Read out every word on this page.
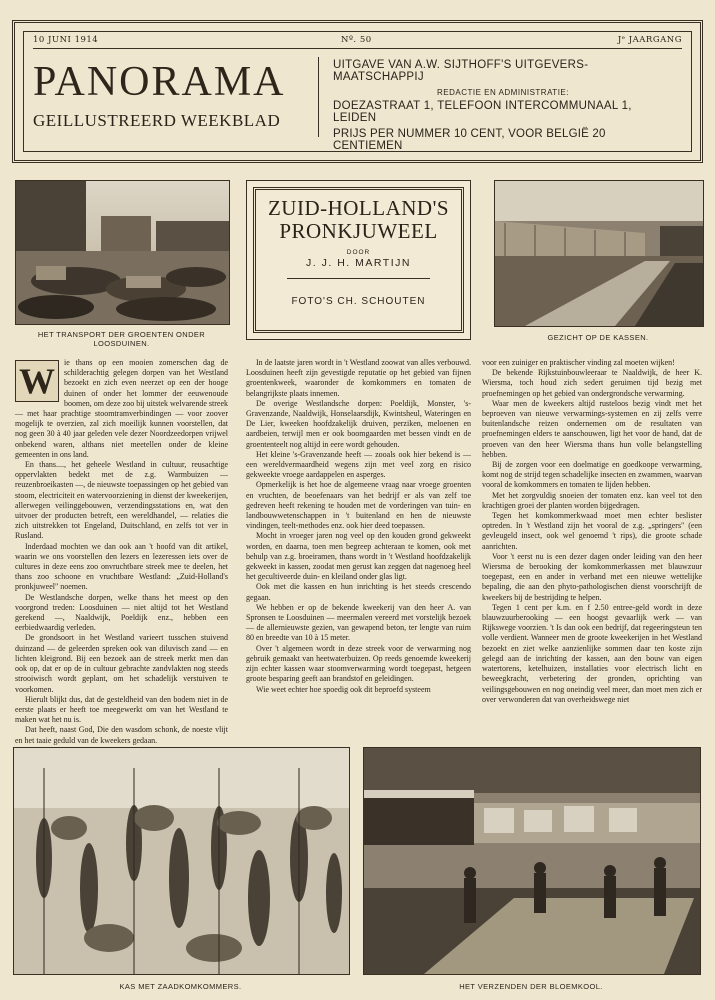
10 JUNI 1914	Nº. 50	Jᵉ JAARGANG
PANORAMA
GEILLUSTREERD WEEKBLAD
UITGAVE VAN A.W. SIJTHOFF'S UITGEVERS-MAATSCHAPPIJ
REDACTIE EN ADMINISTRATIE:
DOEZASTRAAT 1, TELEFOON INTERCOMMUNAAL 1, LEIDEN
PRIJS PER NUMMER 10 CENT, VOOR BELGIË 20 CENTIEMEN
HET TRANSPORT DER GROENTEN ONDER
LOOSDUINEN.
ZUID-HOLLAND'S
PRONKJUWEEL
DOOR
J. J. H. MARTIJN
FOTO'S CH. SCHOUTEN
GEZICHT OP DE KASSEN.
W	ie thans op een mooien zomerschen dag de schilderachtig gelegen dorpen van het Westland bezoekt en zich even neerzet op een der hooge duinen of onder het lommer der eeuwenoude boomen, om deze zoo bij uitstek welvarende streek — met haar prachtige stoomtramverbindingen — voor zoover mogelijk te overzien, zal zich moeilijk kunnen voorstellen, dat nog geen 30 à 40 jaar geleden vele dezer Noordzeedorpen vrijwel onbekend waren, althans niet meetellen onder de kleine gemeenten in ons land.

En thans...., het geheele Westland in cultuur, reusachtige oppervlakten bedekt met de z.g. Warmbuizen — reuzenbroeikasten —, de nieuwste toepassingen op het gebied van stoom, electriciteit en watervoorziening in dienst der kweekerijen, allerwegen veilinggebouwen, verzendingsstations en, wat den uitvoer der producten betreft, een wereldhandel, — relaties die zich uitstrekken tot Engeland, Duitschland, en zelfs tot ver in Rusland.

Inderdaad mochten we dan ook aan 't hoofd van dit artikel, waarin we ons voorstellen den lezers en lezeressen iets over de cultures in deze eens zoo onvruchtbare streek mee te deelen, het thans zoo schoone en vruchtbare Westland: „Zuid-Holland's pronkjuweel" noemen.

De Westlandsche dorpen, welke thans het meest op den voorgrond treden: Loosduinen — niet altijd tot het Westland gerekend —, Naaldwijk, Poeldijk enz., hebben een eerbiedwaardig verleden.

De grondsoort in het Westland varieert tusschen stuivend duinzand — de geleerden spreken ook van diluvisch zand — en lichten kleigrond. Bij een bezoek aan de streek merkt men dan ook op, dat er op de in cultuur gebrachte zandvlakten nog steeds strooiwisch wordt geplant, om het schadelijk verstuiven te voorkomen.

Hierult blijkt dus, dat de gesteldheid van den bodem niet in de eerste plaats er heeft toe meegewerkt om van het Westland te maken wat het nu is.

Dat heeft, naast God, Die den wasdom schonk, de noeste vlijt en het taaie geduld van de kweekers gedaan.

In de laatste jaren wordt in 't Westland zoowat van alles verbouwd. Loosduinen heeft zijn gevestigde reputatie op het gebied van fijnen groentenkweek, waaronder de komkommers en tomaten de belangrijkste plaats innemen.

De overige Westlandsche dorpen: Poeldijk, Monster, 's-Gravenzande, Naaldwijk, Honselaarsdijk, Kwintsheul, Wateringen en De Lier, kweeken hoofdzakelijk druiven, perziken, meloenen en aardbeien, terwijl men er ook boomgaarden met bessen vindt en de groententeelt nog altijd in eere wordt gehouden.

Het kleine 's-Gravenzande heeft — zooals ook hier bekend is — een wereldvermaardheid wegens zijn met veel zorg en risico gekweekte vroege aardappelen en asperges.

Opmerkelijk is het hoe de algemeene vraag naar vroege groenten en vruchten, de beoefenaars van het bedrijf er als van zelf toe gedreven heeft rekening te houden met de vorderingen van tuin- en landbouwwetenschappen in 't buitenland en hen de nieuwste vindingen, teelt-methodes enz. ook hier deed toepassen.

Mocht in vroeger jaren nog veel op den kouden grond gekweekt worden, en daarna, toen men begreep achteraan te komen, ook met behulp van z.g. broeiramen, thans wordt in 't Westland hoofdzakelijk gekweekt in kassen, zoodat men gerust kan zeggen dat nagenoeg heel het gecultiveerde duin- en kleiland onder glas ligt.

Ook met die kassen en hun inrichting is het steeds crescendo gegaan.

We hebben er op de bekende kweekerij van den heer A. van Spronsen te Loosduinen — meermalen vereerd met vorstelijk bezoek — de allernieuwste gezien, van gewapend beton, ter lengte van ruim 80 en breedte van 10 à 15 meter.

Over 't algemeen wordt in deze streek voor de verwarming nog gebruik gemaakt van heetwaterbuizen. Op reeds genoemde kweekerij zijn echter kassen waar stoomverwarming wordt toegepast, hetgeen groote besparing geeft aan brandstof en geleidingen.

Wie weet echter hoe spoedig ook dit beproefd systeem

voor een zuiniger en praktischer vinding zal moeten wijken!

De bekende Rijkstuinbouwleeraar te Naaldwijk, de heer K. Wiersma, toch houd zich sedert geruimen tijd bezig met proefnemingen op het gebied van ondergrondsche verwarming.

Waar men de kweekers altijd rusteloos bezig vindt met het beproeven van nieuwe verwarmings-systemen en zij zelfs verre buitenlandsche reizen ondernemen om de resultaten van proefnemingen elders te aanschouwen, ligt het voor de hand, dat de proeven van den heer Wiersma thans hun volle belangstelling hebben.

Bij de zorgen voor een doelmatige en goedkoope verwarming, komt nog de strijd tegen schadelijke insecten en zwammen, waarvan vooral de komkommers en tomaten te lijden hebben.

Met het zorgvuldig snoeien der tomaten enz. kan veel tot den krachtigen groei der planten worden bijgedragen.

Tegen het komkommerkwaad moet men echter beslister optreden. In 't Westland zijn het vooral de z.g. „springers" (een gevleugeld insect, ook wel genoemd 't rips), die groote schade aanrichten.

Voor 't eerst nu is een dezer dagen onder leiding van den heer Wiersma de berooking der komkommerkassen met blauwzuur toegepast, een en ander in verband met een nieuwe wettelijke bepaling, die aan den phyto-pathologischen dienst voorschrijft de kweekers bij de bestrijding te helpen.

Tegen 1 cent per k.m. en f 2.50 entree-geld wordt in deze blauwzuurberooking — een hoogst gevaarlijk werk — van Rijkswege voorzien. 't Is dan ook een bedrijf, dat regeeringsteun ten volle verdient. Wanneer men de groote kweekerijen in het Westland bezoekt en ziet welke aanzienlijke sommen daar ten koste zijn gelegd aan de inrichting der kassen, aan den bouw van eigen watertorens, ketelhuizen, installaties voor electrisch licht en beweegkracht, verbetering der gronden, oprichting van veilingsgebouwen en nog oneindig veel meer, dan moet men zich er over verwonderen dat van overheidswege niet

KAS MET ZAADKOMKOMMERS.	HET VERZENDEN DER BLOEMKOOL.
